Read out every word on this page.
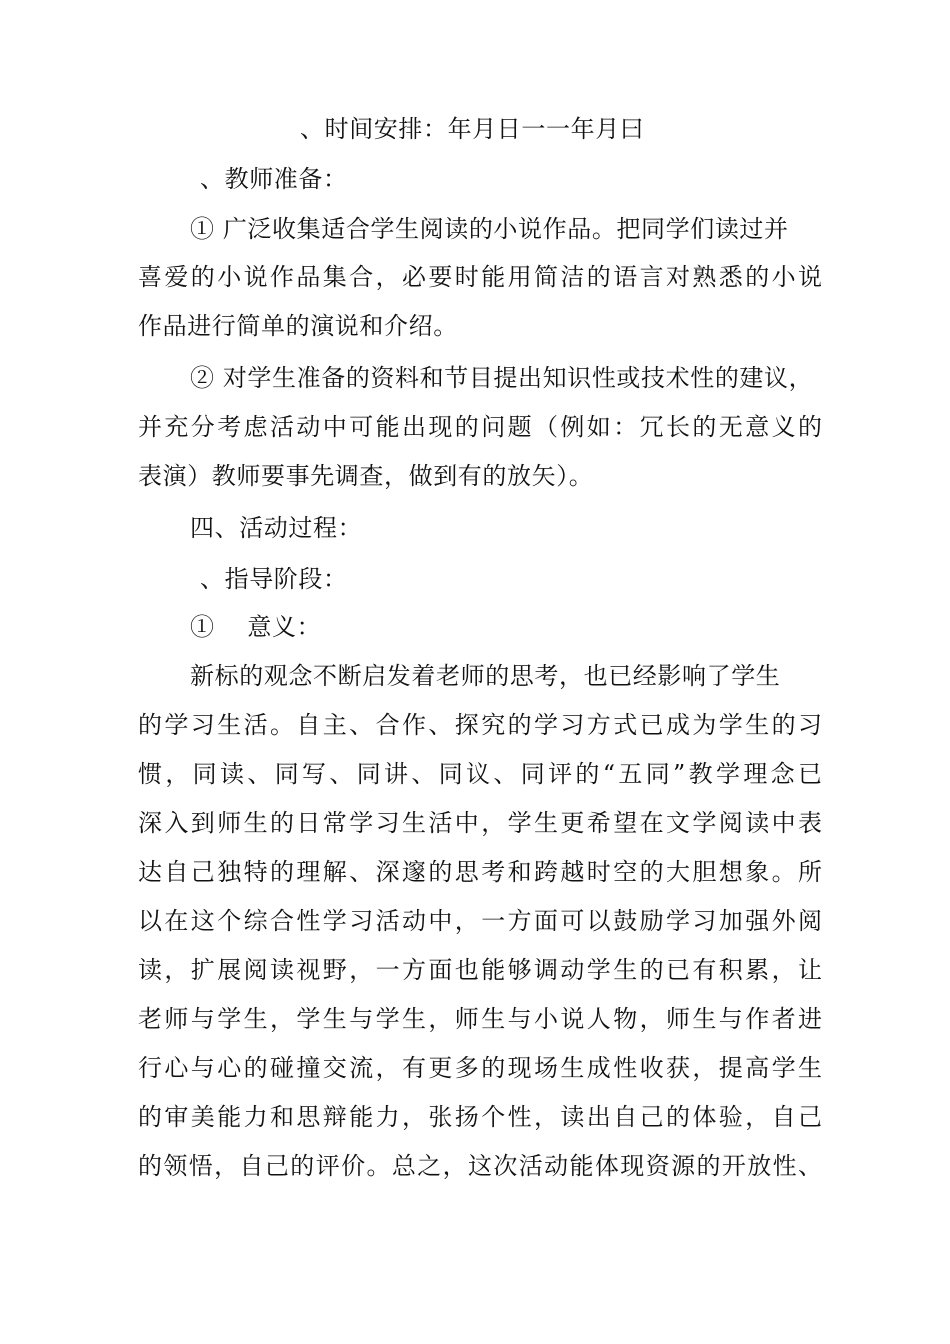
、时间安排：年月日一一年月曰
、教师准备：
① 广泛收集适合学生阅读的小说作品。把同学们读过并
喜爱的小说作品集合，必要时能用简洁的语言对熟悉的小说
作品进行简单的演说和介绍。
② 对学生准备的资料和节目提出知识性或技术性的建议，
并充分考虑活动中可能出现的问题（例如：冗长的无意义的
表演）教师要事先调查，做到有的放矢）。
四、活动过程：
、指导阶段：
①　 意义：
新标的观念不断启发着老师的思考，也已经影响了学生
的学习生活。自主、合作、探究的学习方式已成为学生的习
惯，同读、同写、同讲、同议、同评的“五同”教学理念已
深入到师生的日常学习生活中，学生更希望在文学阅读中表
达自己独特的理解、深邃的思考和跨越时空的大胆想象。所
以在这个综合性学习活动中，一方面可以鼓励学习加强外阅
读，扩展阅读视野，一方面也能够调动学生的已有积累，让
老师与学生，学生与学生，师生与小说人物，师生与作者进
行心与心的碰撞交流，有更多的现场生成性收获，提高学生
的审美能力和思辩能力，张扬个性，读出自己的体验，自己
的领悟，自己的评价。总之，这次活动能体现资源的开放性、
